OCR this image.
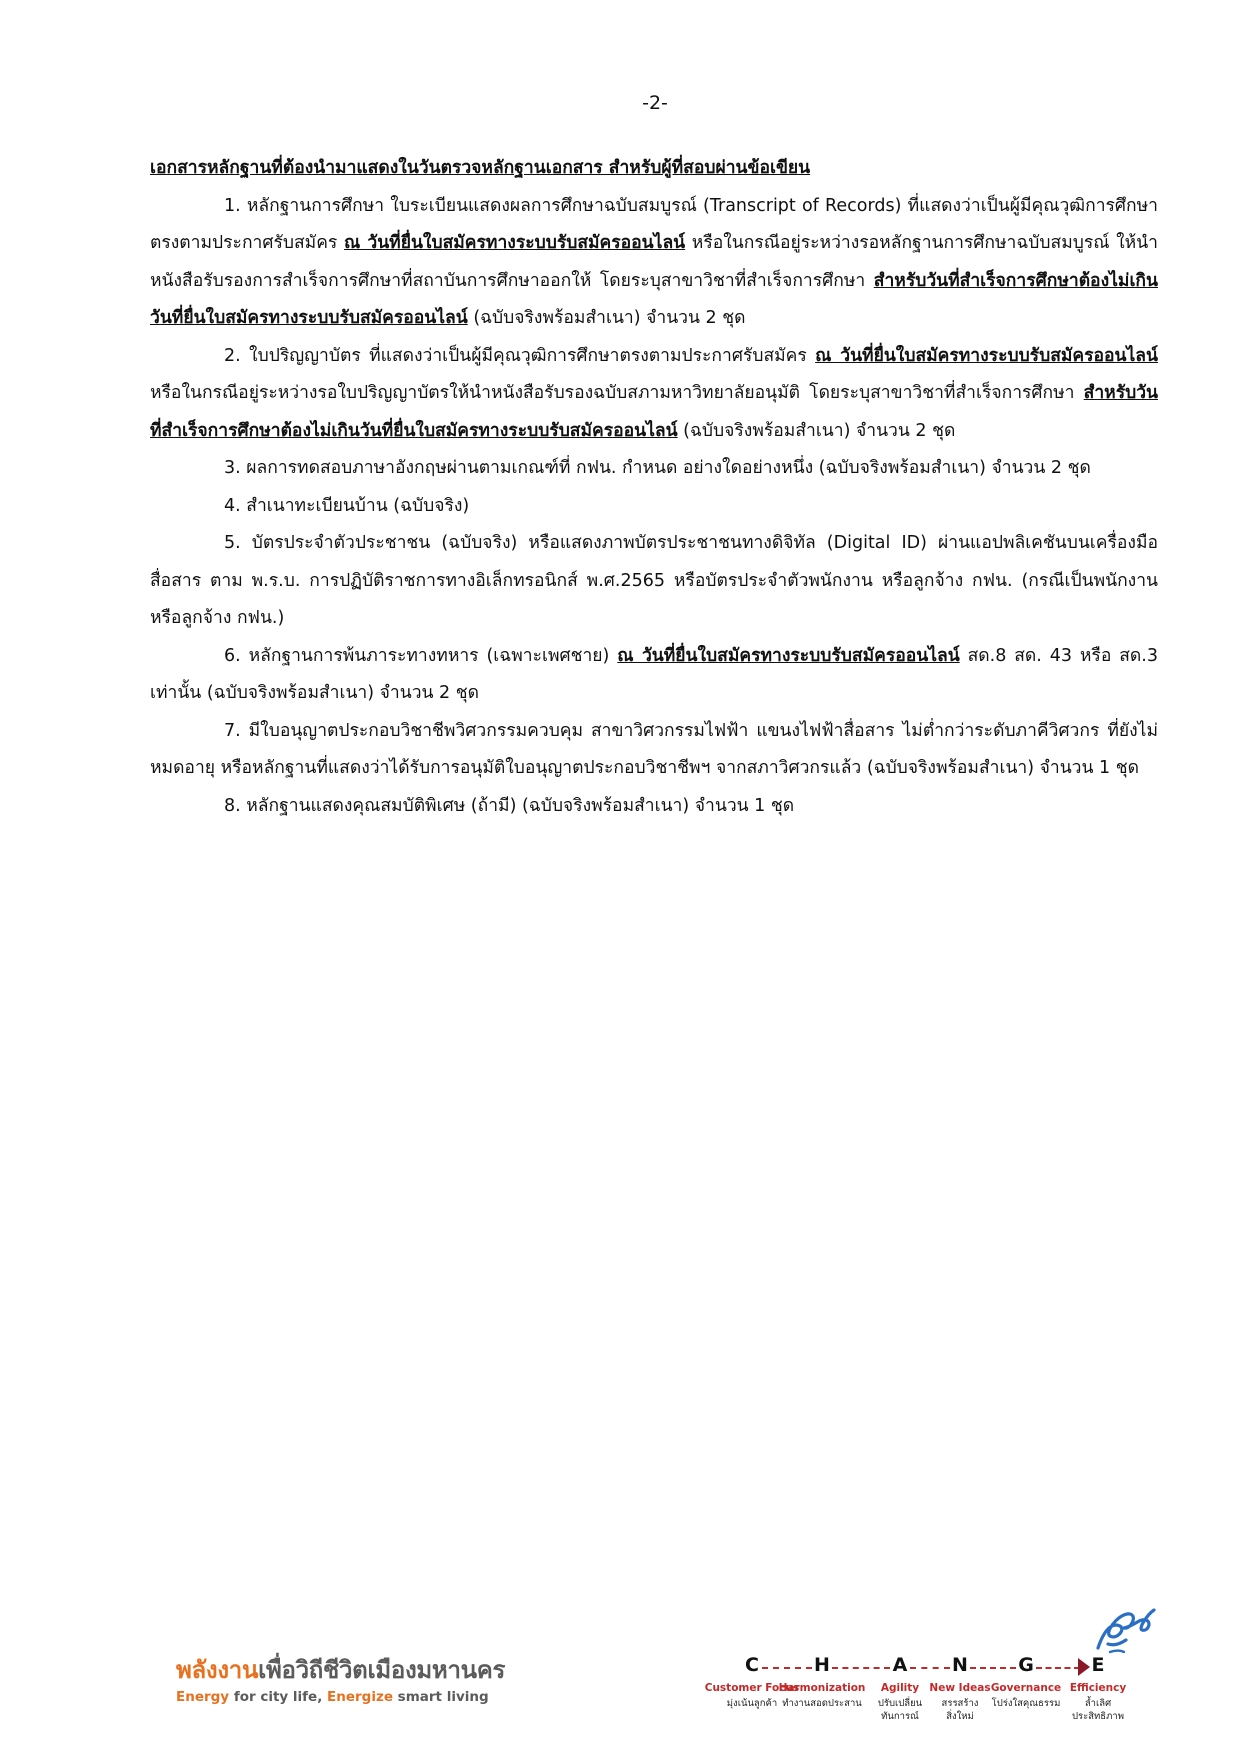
-2-

เอกสารหลักฐานที่ต้องนำมาแสดงในวันตรวจหลักฐานเอกสาร สำหรับผู้ที่สอบผ่านข้อเขียน

1. หลักฐานการศึกษา ใบระเบียนแสดงผลการศึกษาฉบับสมบูรณ์ (Transcript of Records) ที่แสดงว่าเป็นผู้มีคุณวุฒิการศึกษาตรงตามประกาศรับสมัคร ณ วันที่ยื่นใบสมัครทางระบบรับสมัครออนไลน์ หรือในกรณีอยู่ระหว่างรอหลักฐานการศึกษาฉบับสมบูรณ์ ให้นำหนังสือรับรองการสำเร็จการศึกษาที่สถาบันการศึกษาออกให้ โดยระบุสาขาวิชาที่สำเร็จการศึกษา สำหรับวันที่สำเร็จการศึกษาต้องไม่เกินวันที่ยื่นใบสมัครทางระบบรับสมัครออนไลน์ (ฉบับจริงพร้อมสำเนา) จำนวน 2 ชุด

2. ใบปริญญาบัตร ที่แสดงว่าเป็นผู้มีคุณวุฒิการศึกษาตรงตามประกาศรับสมัคร ณ วันที่ยื่นใบสมัครทางระบบรับสมัครออนไลน์ หรือในกรณีอยู่ระหว่างรอใบปริญญาบัตรให้นำหนังสือรับรองฉบับสภามหาวิทยาลัยอนุมัติ โดยระบุสาขาวิชาที่สำเร็จการศึกษา สำหรับวันที่สำเร็จการศึกษาต้องไม่เกินวันที่ยื่นใบสมัครทางระบบรับสมัครออนไลน์ (ฉบับจริงพร้อมสำเนา) จำนวน 2 ชุด

3. ผลการทดสอบภาษาอังกฤษผ่านตามเกณฑ์ที่ กฟน. กำหนด อย่างใดอย่างหนึ่ง (ฉบับจริงพร้อมสำเนา) จำนวน 2 ชุด

4. สำเนาทะเบียนบ้าน (ฉบับจริง)

5. บัตรประจำตัวประชาชน (ฉบับจริง) หรือแสดงภาพบัตรประชาชนทางดิจิทัล (Digital ID) ผ่านแอปพลิเคชันบนเครื่องมือสื่อสาร ตาม พ.ร.บ. การปฏิบัติราชการทางอิเล็กทรอนิกส์ พ.ศ.2565 หรือบัตรประจำตัวพนักงาน หรือลูกจ้าง กฟน. (กรณีเป็นพนักงาน หรือลูกจ้าง กฟน.)

6. หลักฐานการพ้นภาระทางทหาร (เฉพาะเพศชาย) ณ วันที่ยื่นใบสมัครทางระบบรับสมัครออนไลน์ สด.8 สด. 43 หรือ สด.3 เท่านั้น (ฉบับจริงพร้อมสำเนา) จำนวน 2 ชุด

7. มีใบอนุญาตประกอบวิชาชีพวิศวกรรมควบคุม สาขาวิศวกรรมไฟฟ้า แขนงไฟฟ้าสื่อสาร ไม่ต่ำกว่าระดับภาคีวิศวกร ที่ยังไม่หมดอายุ หรือหลักฐานที่แสดงว่าได้รับการอนุมัติใบอนุญาตประกอบวิชาชีพฯ จากสภาวิศวกรแล้ว (ฉบับจริงพร้อมสำเนา) จำนวน 1 ชุด

8. หลักฐานแสดงคุณสมบัติพิเศษ (ถ้ามี) (ฉบับจริงพร้อมสำเนา) จำนวน 1 ชุด

พลังงานเพื่อวิถีชีวิตเมืองมหานคร
Energy for city life, Energize smart living
C	H	A N	G	E
Customer Focus
Harmonization	Agility New Ideas Governance Efficiency
มุ่งเน้นลูกค้า ทำงานสอดประสาน	ปรับเปลี่ยน
ทันการณ์
สรรสร้าง
สิ่งใหม่
โปร่งใสคุณธรรม	ล้ำเลิศ
ประสิทธิภาพ
